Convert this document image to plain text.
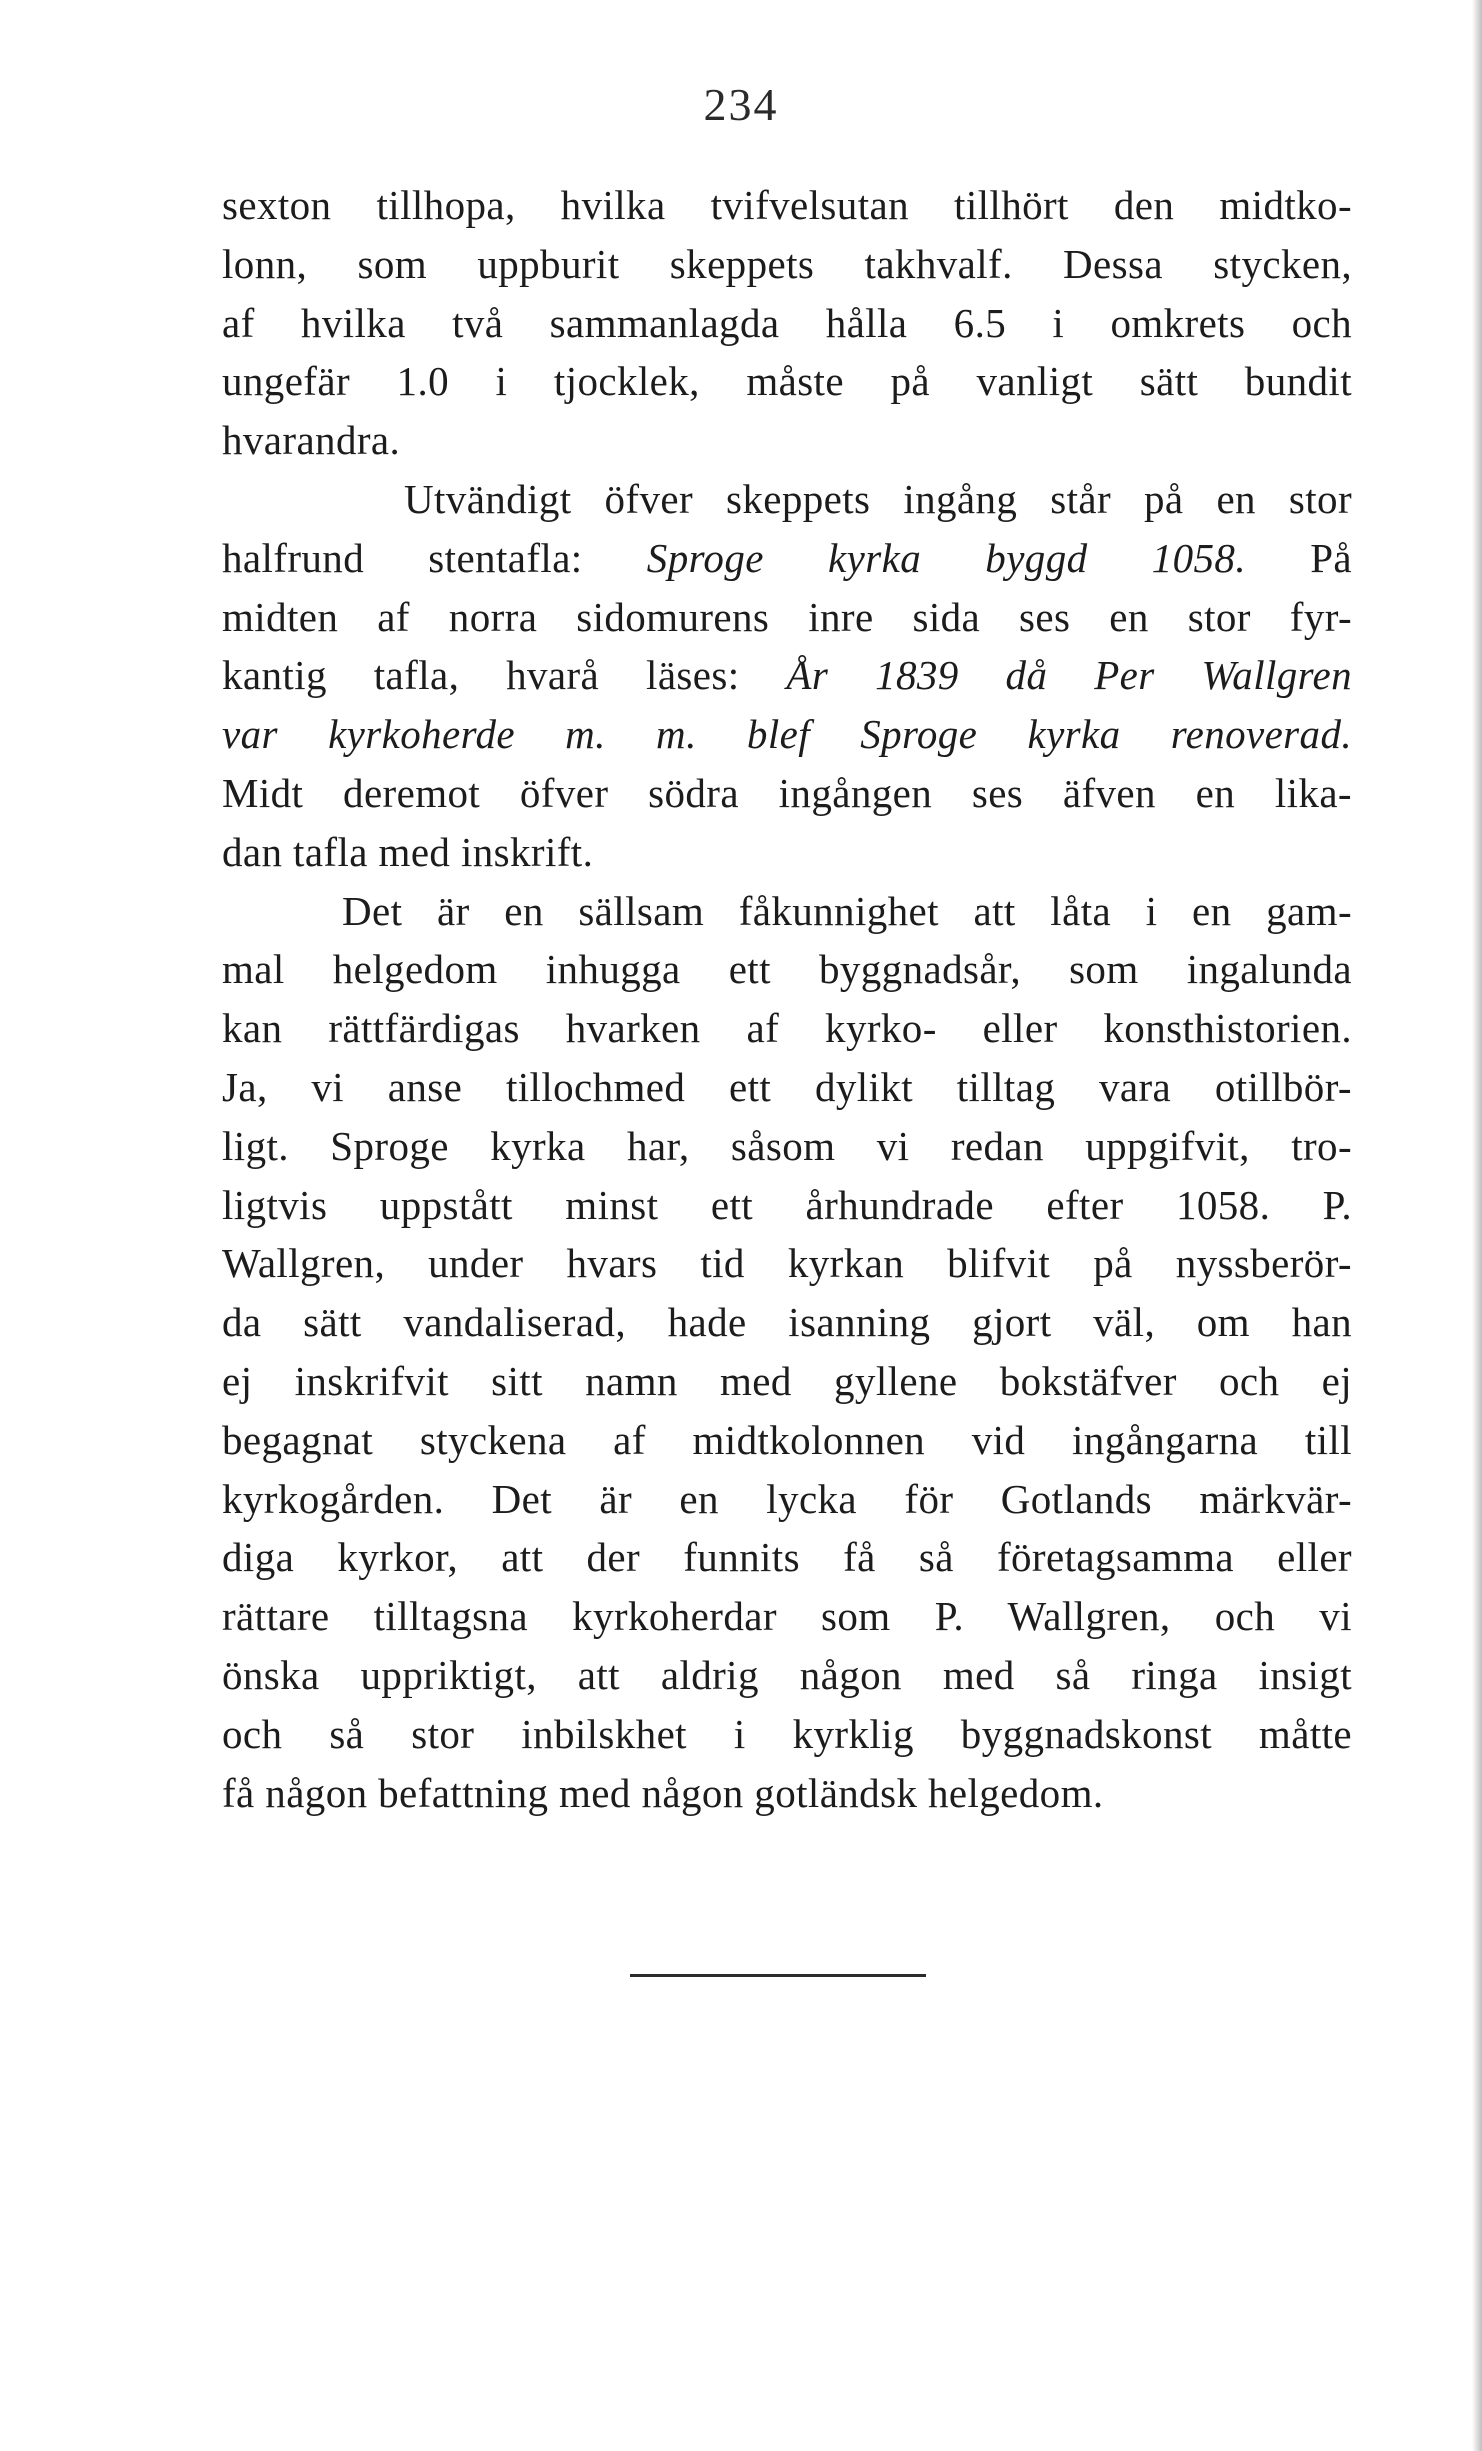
234
sexton tillhopa, hvilka tvifvelsutan tillhört den midtko-
lonn, som uppburit skeppets takhvalf. Dessa stycken,
af hvilka två sammanlagda hålla 6.5 i omkrets och
ungefär 1.0 i tjocklek, måste på vanligt sätt bundit
hvarandra.
Utvändigt öfver skeppets ingång står på en stor
halfrund stentafla: Sproge kyrka byggd 1058. På
midten af norra sidomurens inre sida ses en stor fyr-
kantig tafla, hvarå läses: År 1839 då Per Wallgren
var kyrkoherde m. m. blef Sproge kyrka renoverad.
Midt deremot öfver södra ingången ses äfven en lika-
dan tafla med inskrift.
Det är en sällsam fåkunnighet att låta i en gam-
mal helgedom inhugga ett byggnadsår, som ingalunda
kan rättfärdigas hvarken af kyrko- eller konsthistorien.
Ja, vi anse tillochmed ett dylikt tilltag vara otillbör-
ligt. Sproge kyrka har, såsom vi redan uppgifvit, tro-
ligtvis uppstått minst ett århundrade efter 1058. P.
Wallgren, under hvars tid kyrkan blifvit på nyssberör-
da sätt vandaliserad, hade isanning gjort väl, om han
ej inskrifvit sitt namn med gyllene bokstäfver och ej
begagnat styckena af midtkolonnen vid ingångarna till
kyrkogården. Det är en lycka för Gotlands märkvär-
diga kyrkor, att der funnits få så företagsamma eller
rättare tilltagsna kyrkoherdar som P. Wallgren, och vi
önska uppriktigt, att aldrig någon med så ringa insigt
och så stor inbilskhet i kyrklig byggnadskonst måtte
få någon befattning med någon gotländsk helgedom.
